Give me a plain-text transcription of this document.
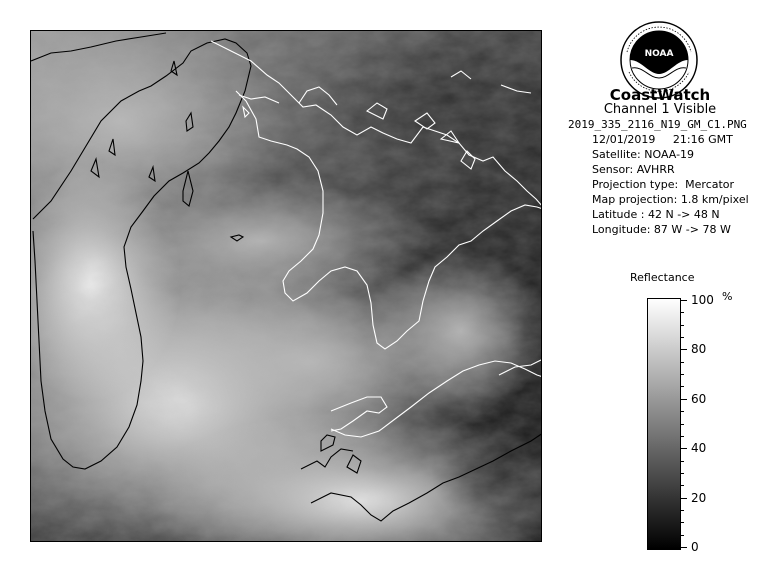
NOAA
CoastWatch
Channel 1 Visible
2019_335_2116_N19_GM_C1.PNG
12/01/2019 21:16 GMT
Satellite: NOAA-19
Sensor: AVHRR
Projection type:  Mercator
Map projection: 1.8 km/pixel
Latitude : 42 N -> 48 N
Longitude: 87 W -> 78 W
Reflectance
100
80
60
40
20
0
%
